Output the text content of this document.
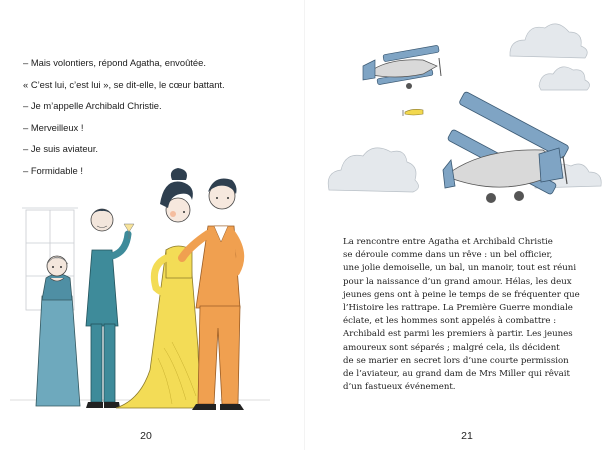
– Mais volontiers, répond Agatha, envoûtée.
« C’est lui, c’est lui », se dit-elle, le cœur battant.
– Je m’appelle Archibald Christie.
– Merveilleux !
– Je suis aviateur.
– Formidable !
20
La rencontre entre Agatha et Archibald Christie
se déroule comme dans un rêve : un bel officier,
une jolie demoiselle, un bal, un manoir, tout est réuni
pour la naissance d’un grand amour. Hélas, les deux
jeunes gens ont à peine le temps de se fréquenter que
l’Histoire les rattrape. La Première Guerre mondiale
éclate, et les hommes sont appelés à combattre :
Archibald est parmi les premiers à partir. Les jeunes
amoureux sont séparés ; malgré cela, ils décident
de se marier en secret lors d’une courte permission
de l’aviateur, au grand dam de Mrs Miller qui rêvait
d’un fastueux événement.
21
